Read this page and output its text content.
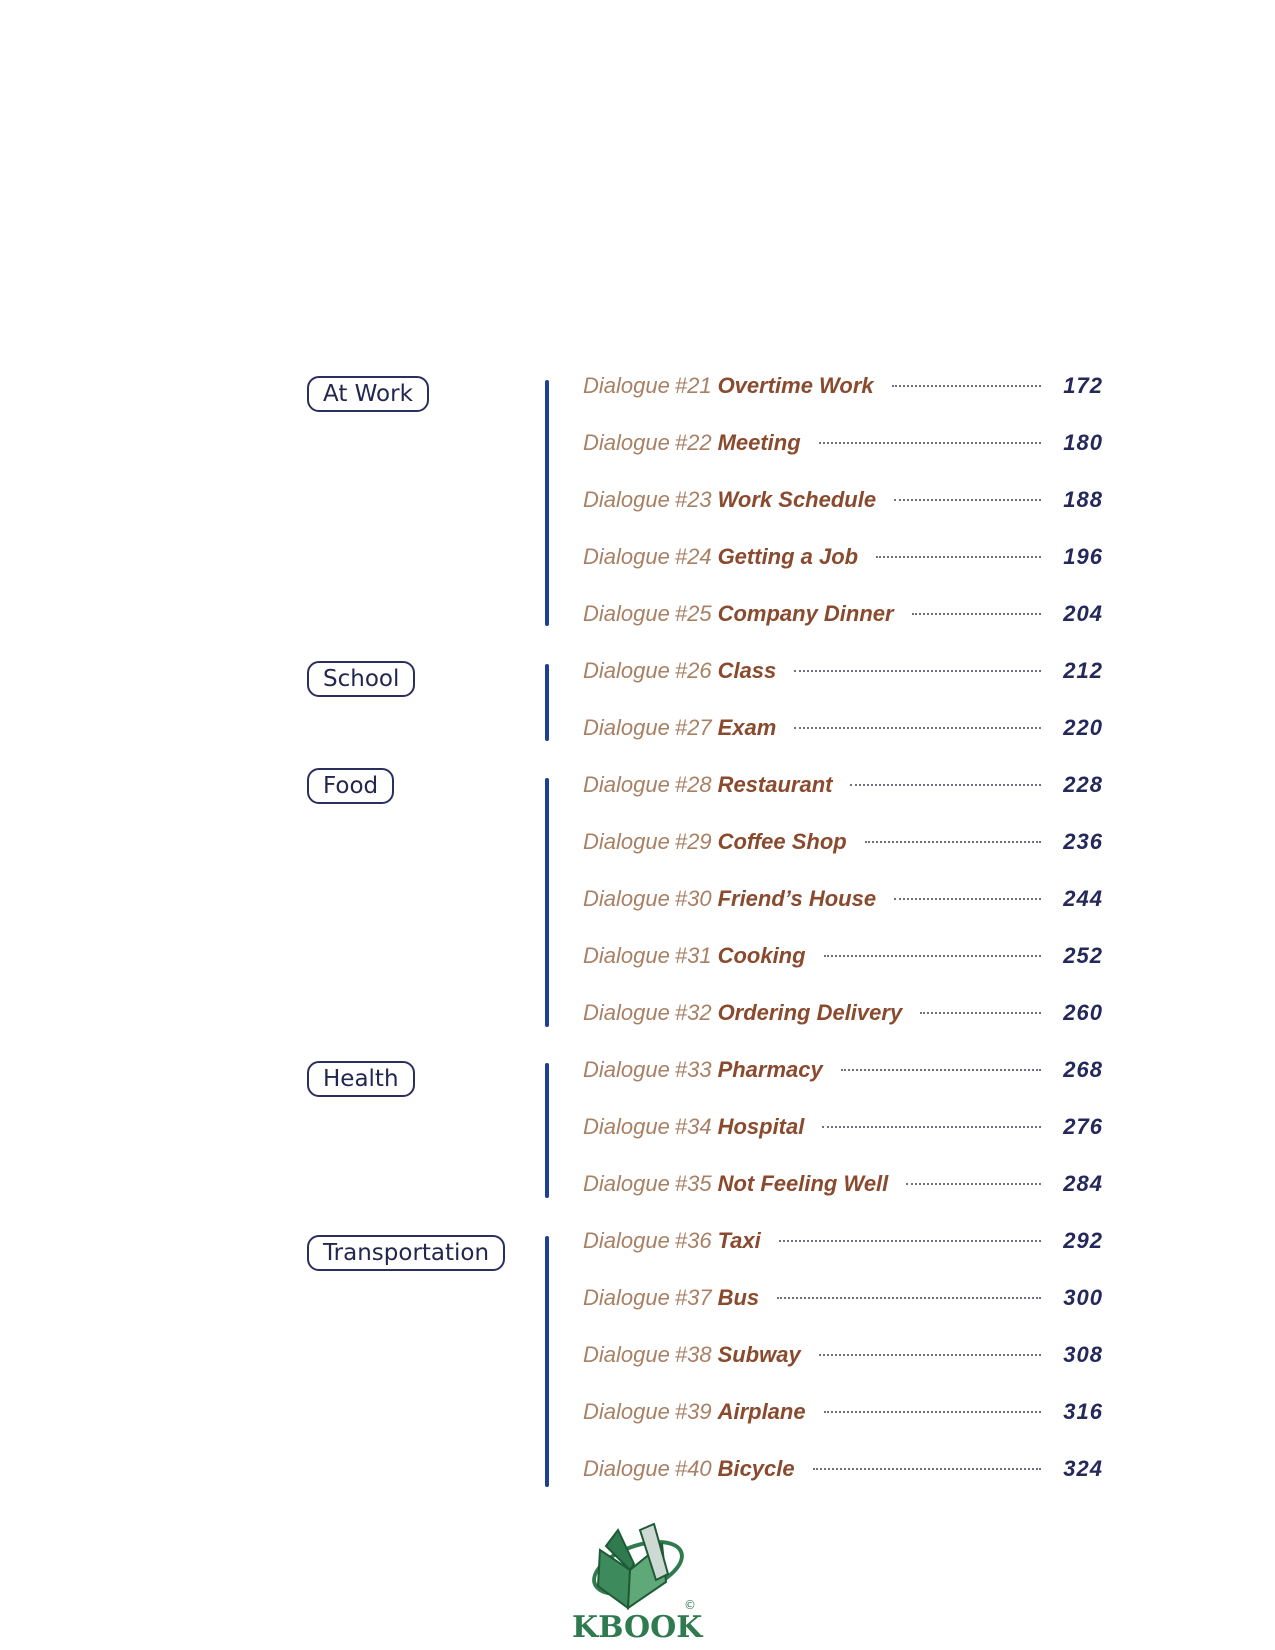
At Work	Dialogue #21 Overtime Work	172
Dialogue #22 Meeting	180
Dialogue #23 Work Schedule	188
Dialogue #24 Getting a Job	196
Dialogue #25 Company Dinner	204
School	Dialogue #26 Class	212
Dialogue #27 Exam	220
Food	Dialogue #28 Restaurant	228
Dialogue #29 Coffee Shop	236
Dialogue #30 Friend’s House	244
Dialogue #31 Cooking	252
Dialogue #32 Ordering Delivery	260
Health	Dialogue #33 Pharmacy	268
Dialogue #34 Hospital	276
Dialogue #35 Not Feeling Well	284
Transportation	Dialogue #36 Taxi	292
Dialogue #37 Bus	300
Dialogue #38 Subway	308
Dialogue #39 Airplane	316
Dialogue #40 Bicycle	324
©
KBOOK
